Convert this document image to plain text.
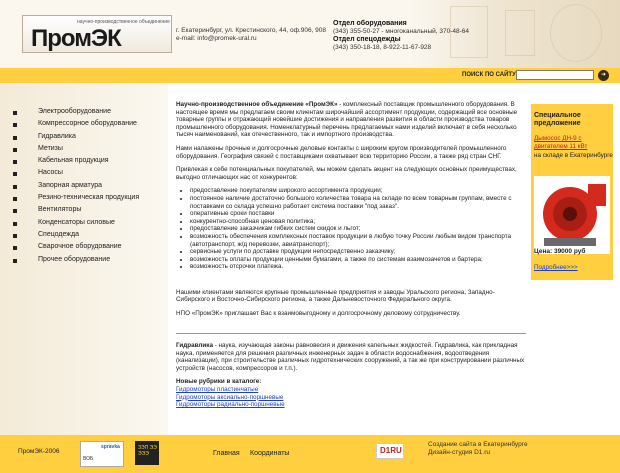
научно-производственное объединение
ПромЭК	г. Екатеринбург, ул. Крестинского, 44, оф.906, 908
e-mail: info@promek-ural.ru
Отдел оборудования
(343) 355-50-27 - многоканальный, 370-48-64
Отдел спецодежды
(343) 350-18-18, 8-922-11-67-928
ПОИСК ПО САЙТУ	➜
Электрооборудование
Компрессорное оборудование
Гидравлика
Метизы
Кабельная продукция
Насосы
Запорная арматура
Резино-техническая продукция
Вентиляторы
Конденсаторы силовые
Спецодежда
Сварочное оборудование
Прочее оборудование

Научно-производственное объединение «ПромЭК» - комплексный поставщик промышленного оборудования. В настоящее время мы предлагаем своим клиентам широчайший ассортимент продукции, содержащий все основные товарные группы и отражающий новейшие достижения и направления развития в области производства товаров промышленного оборудования. Номенклатурный перечень предлагаемых нами изделий включает в себя несколько тысяч наименований, как отечественного, так и импортного производства.

Нами налажены прочные и долгосрочные деловые контакты с широким кругом производителей промышленного оборудования. География связей с поставщиками охватывает всю территорию России, а также ряд стран СНГ.

Привлекая к себе потенциальных покупателей, мы можем сделать акцент на следующих основных преимуществах, выгодно отличающих нас от конкурентов:

• предоставление покупателям широкого ассортимента продукции;
• постоянное наличие достаточно большого количества товара на складе по всем товарным группам, вместе с поставками со склада успешно работает система поставки "под заказ".
• оперативные сроки поставки
• конкурентно-способная ценовая политика;
• предоставление заказчикам гибких систем скидок и льгот;
• возможность обеспечения комплексных поставок продукции в любую точку России любым видом транспорта (автотранспорт, ж/д перевозки, авиатранспорт);
• сервисные услуги по доставке продукции непосредственно заказчику;
• возможность оплаты продукции ценными бумагами, а также по системам взаимозачетов и бартера;
• возможность отсрочки платежа.

Нашими клиентами являются крупные промышленные предприятия и заводы Уральского региона, Западно-Сибирского и Восточно-Сибирского региона, а также Дальневосточного Федерального округа.

НПО «ПромЭК» приглашает Вас к взаимовыгодному и долгосрочному деловому сотрудничеству.

Гидравлика - наука, изучающая законы равновесия и движения капельных жидкостей. Гидравлика, как прикладная наука, применяется для решения различных инженерных задач в области водоснабжения, водоотведения (канализации), при строительстве различных гидротехнических сооружений, а так же при конструировании различных устройств (насосов, компрессоров и т.п.).

Новые рубрики в каталоге:
Гидромоторы пластинчатые
Гидромоторы аксиально-поршневые
Гидромоторы радиально-поршневые
Специальное предложение
Дымосос ДН-9 с двигателем 11 кВт
на складе в Екатеринбурге
Цена: 39000 руб
Подробнее>>>
ПромЭК-2006
spravka
ВОБ
ЗЭП ЭЭ ЭЭЭ	Главная Координаты	D1RU
Создание сайта в Екатеринбурге
Дизайн-студия D1.ru
